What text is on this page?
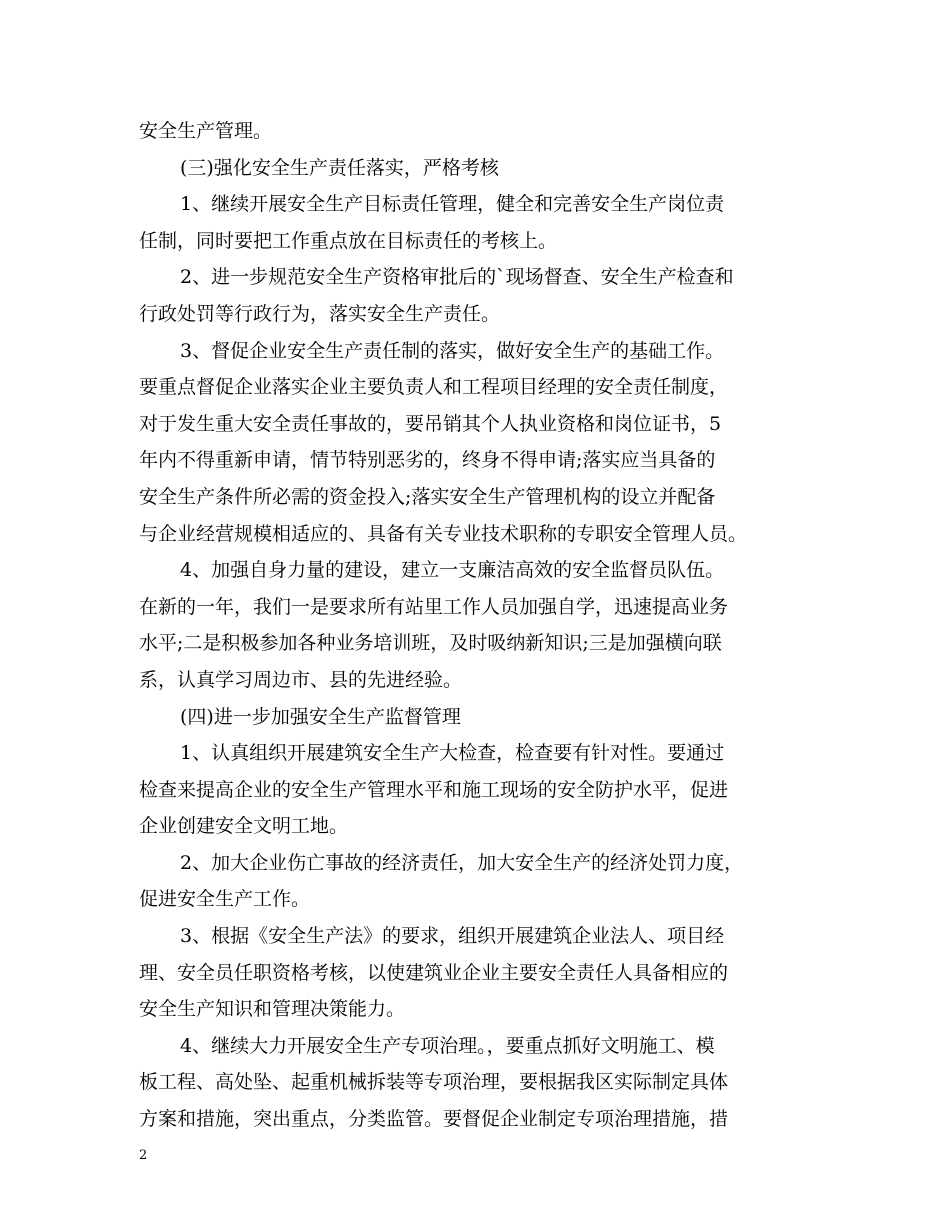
安全生产管理。
(三)强化安全生产责任落实，严格考核
1、继续开展安全生产目标责任管理，健全和完善安全生产岗位责
任制，同时要把工作重点放在目标责任的考核上。
2、进一步规范安全生产资格审批后的`现场督查、安全生产检查和
行政处罚等行政行为，落实安全生产责任。
3、督促企业安全生产责任制的落实，做好安全生产的基础工作。
要重点督促企业落实企业主要负责人和工程项目经理的安全责任制度，
对于发生重大安全责任事故的，要吊销其个人执业资格和岗位证书，5
年内不得重新申请，情节特别恶劣的，终身不得申请;落实应当具备的
安全生产条件所必需的资金投入;落实安全生产管理机构的设立并配备
与企业经营规模相适应的、具备有关专业技术职称的专职安全管理人员。
4、加强自身力量的建设，建立一支廉洁高效的安全监督员队伍。
在新的一年，我们一是要求所有站里工作人员加强自学，迅速提高业务
水平;二是积极参加各种业务培训班，及时吸纳新知识;三是加强横向联
系，认真学习周边市、县的先进经验。
(四)进一步加强安全生产监督管理
1、认真组织开展建筑安全生产大检查，检查要有针对性。要通过
检查来提高企业的安全生产管理水平和施工现场的安全防护水平，促进
企业创建安全文明工地。
2、加大企业伤亡事故的经济责任，加大安全生产的经济处罚力度，
促进安全生产工作。
3、根据《安全生产法》的要求，组织开展建筑企业法人、项目经
理、安全员任职资格考核，以使建筑业企业主要安全责任人具备相应的
安全生产知识和管理决策能力。
4、继续大力开展安全生产专项治理。，要重点抓好文明施工、模
板工程、高处坠、起重机械拆装等专项治理，要根据我区实际制定具体
方案和措施，突出重点，分类监管。要督促企业制定专项治理措施，措
2
